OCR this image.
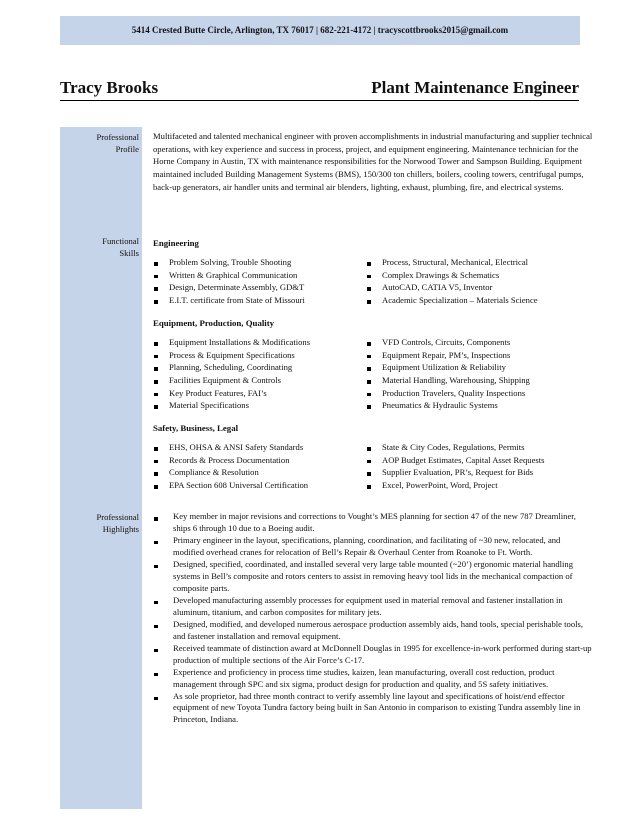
5414 Crested Butte Circle, Arlington, TX 76017 | 682-221-4172 | tracyscottbrooks2015@gmail.com
Tracy Brooks	Plant Maintenance Engineer
Professional
Profile
Functional
Skills
Professional
Highlights

Multifaceted and talented mechanical engineer with proven accomplishments in industrial manufacturing and supplier technical operations, with key experience and success in process, project, and equipment engineering. Maintenance technician for the Horne Company in Austin, TX with maintenance responsibilities for the Norwood Tower and Sampson Building. Equipment maintained included Building Management Systems (BMS), 150/300 ton chillers, boilers, cooling towers, centrifugal pumps, back-up generators, air handler units and terminal air blenders, lighting, exhaust, plumbing, fire, and electrical systems.

Engineering
Problem Solving, Trouble Shooting
Written & Graphical Communication
Design, Determinate Assembly, GD&T
E.I.T. certificate from State of Missouri
Process, Structural, Mechanical, Electrical
Complex Drawings & Schematics
AutoCAD, CATIA V5, Inventor
Academic Specialization – Materials Science
Equipment, Production, Quality
Equipment Installations & Modifications
Process & Equipment Specifications
Planning, Scheduling, Coordinating
Facilities Equipment & Controls
Key Product Features, FAI’s
Material Specifications
VFD Controls, Circuits, Components
Equipment Repair, PM’s, Inspections
Equipment Utilization & Reliability
Material Handling, Warehousing, Shipping
Production Travelers, Quality Inspections
Pneumatics & Hydraulic Systems
Safety, Business, Legal
EHS, OHSA & ANSI Safety Standards
Records & Process Documentation
Compliance & Resolution
EPA Section 608 Universal Certification
State & City Codes, Regulations, Permits
AOP Budget Estimates, Capital Asset Requests
Supplier Evaluation, PR’s, Request for Bids
Excel, PowerPoint, Word, Project
Key member in major revisions and corrections to Vought’s MES planning for section 47 of the new 787 Dreamliner, ships 6 through 10 due to a Boeing audit.
Primary engineer in the layout, specifications, planning, coordination, and facilitating of ~30 new, relocated, and modified overhead cranes for relocation of Bell’s Repair & Overhaul Center from Roanoke to Ft. Worth.
Designed, specified, coordinated, and installed several very large table mounted (~20’) ergonomic material handling systems in Bell’s composite and rotors centers to assist in removing heavy tool lids in the mechanical compaction of composite parts.
Developed manufacturing assembly processes for equipment used in material removal and fastener installation in aluminum, titanium, and carbon composites for military jets.
Designed, modified, and developed numerous aerospace production assembly aids, hand tools, special perishable tools, and fastener installation and removal equipment.
Received teammate of distinction award at McDonnell Douglas in 1995 for excellence-in-work performed during start-up production of multiple sections of the Air Force’s C-17.
Experience and proficiency in process time studies, kaizen, lean manufacturing, overall cost reduction, product management through SPC and six sigma, product design for production and quality, and 5S safety initiatives.
As sole proprietor, had three month contract to verify assembly line layout and specifications of hoist/end effector equipment of new Toyota Tundra factory being built in San Antonio in comparison to existing Tundra assembly line in Princeton, Indiana.
